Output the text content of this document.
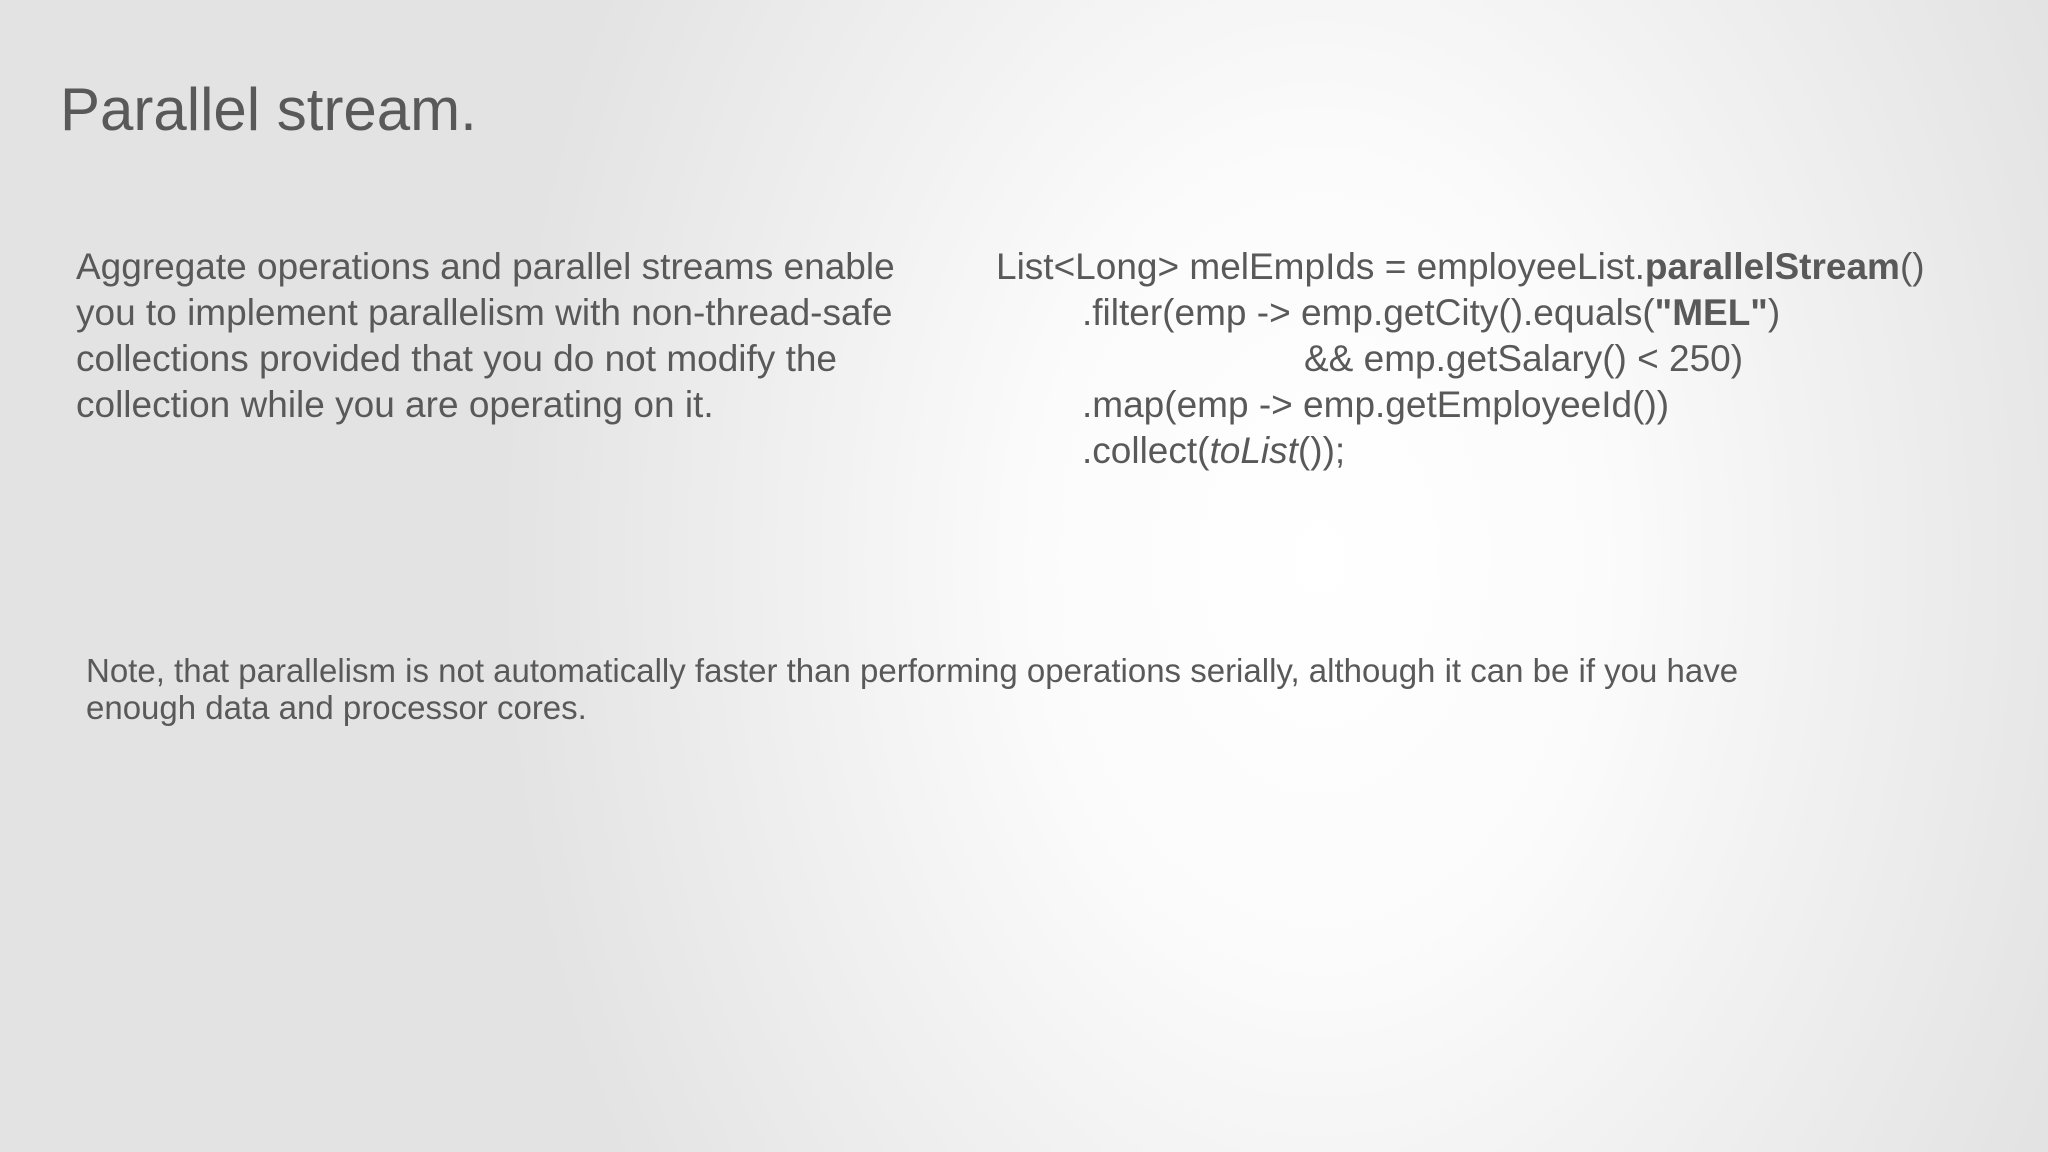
Parallel stream.

Aggregate operations and parallel streams enable
you to implement parallelism with non-thread-safe
collections provided that you do not modify the
collection while you are operating on it.

List<Long> melEmpIds = employeeList.parallelStream()
.filter(emp -> emp.getCity().equals("MEL")
&& emp.getSalary() < 250)
.map(emp -> emp.getEmployeeId())
.collect(toList());

Note, that parallelism is not automatically faster than performing operations serially, although it can be if you have
enough data and processor cores.
